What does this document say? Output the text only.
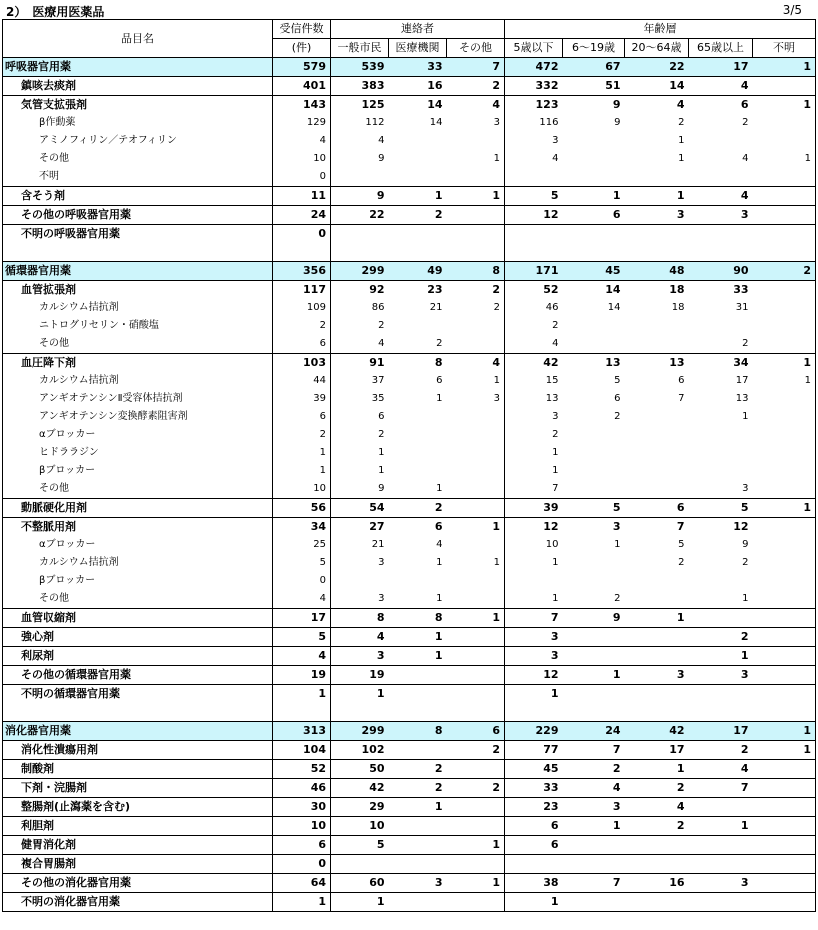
2）　医療用医薬品	3/5
品目名	受信件数	連絡者			年齢層				
	(件)	一般市民	医療機関	その他	5歳以下	6～19歳	20～64歳	65歳以上	不明
呼吸器官用薬	579	539	33	7	472	67	22	17	1
鎮咳去痰剤	401	383	16	2	332	51	14	4	
気管支拡張剤	143	125	14	4	123	9	4	6	1
β作動薬	129	112	14	3	116	9	2	2	
アミノフィリン／テオフィリン	4	4			3		1		
その他	10	9		1	4		1	4	1
不明	0								
含そう剤	11	9	1	1	5	1	1	4	
その他の呼吸器官用薬	24	22	2		12	6	3	3	
不明の呼吸器官用薬	0								

循環器官用薬	356	299	49	8	171	45	48	90	2
血管拡張剤	117	92	23	2	52	14	18	33	
カルシウム拮抗剤	109	86	21	2	46	14	18	31	
ニトログリセリン・硝酸塩	2	2			2				
その他	6	4	2		4			2	
血圧降下剤	103	91	8	4	42	13	13	34	1
カルシウム拮抗剤	44	37	6	1	15	5	6	17	1
アンギオテンシンⅡ受容体拮抗剤	39	35	1	3	13	6	7	13	
アンギオテンシン変換酵素阻害剤	6	6			3	2		1	
αブロッカー	2	2			2				
ヒドララジン	1	1			1				
βブロッカー	1	1			1				
その他	10	9	1		7			3	
動脈硬化用剤	56	54	2		39	5	6	5	1
不整脈用剤	34	27	6	1	12	3	7	12	
αブロッカー	25	21	4		10	1	5	9	
カルシウム拮抗剤	5	3	1	1	1		2	2	
βブロッカー	0								
その他	4	3	1		1	2		1	
血管収縮剤	17	8	8	1	7	9	1		
強心剤	5	4	1		3			2	
利尿剤	4	3	1		3			1	
その他の循環器官用薬	19	19			12	1	3	3	
不明の循環器官用薬	1	1			1				

消化器官用薬	313	299	8	6	229	24	42	17	1
消化性潰瘍用剤	104	102		2	77	7	17	2	1
制酸剤	52	50	2		45	2	1	4	
下剤・浣腸剤	46	42	2	2	33	4	2	7	
整腸剤(止瀉薬を含む)	30	29	1		23	3	4		
利胆剤	10	10			6	1	2	1	
健胃消化剤	6	5		1	6				
複合胃腸剤	0								
その他の消化器官用薬	64	60	3	1	38	7	16	3	
不明の消化器官用薬	1	1			1				
